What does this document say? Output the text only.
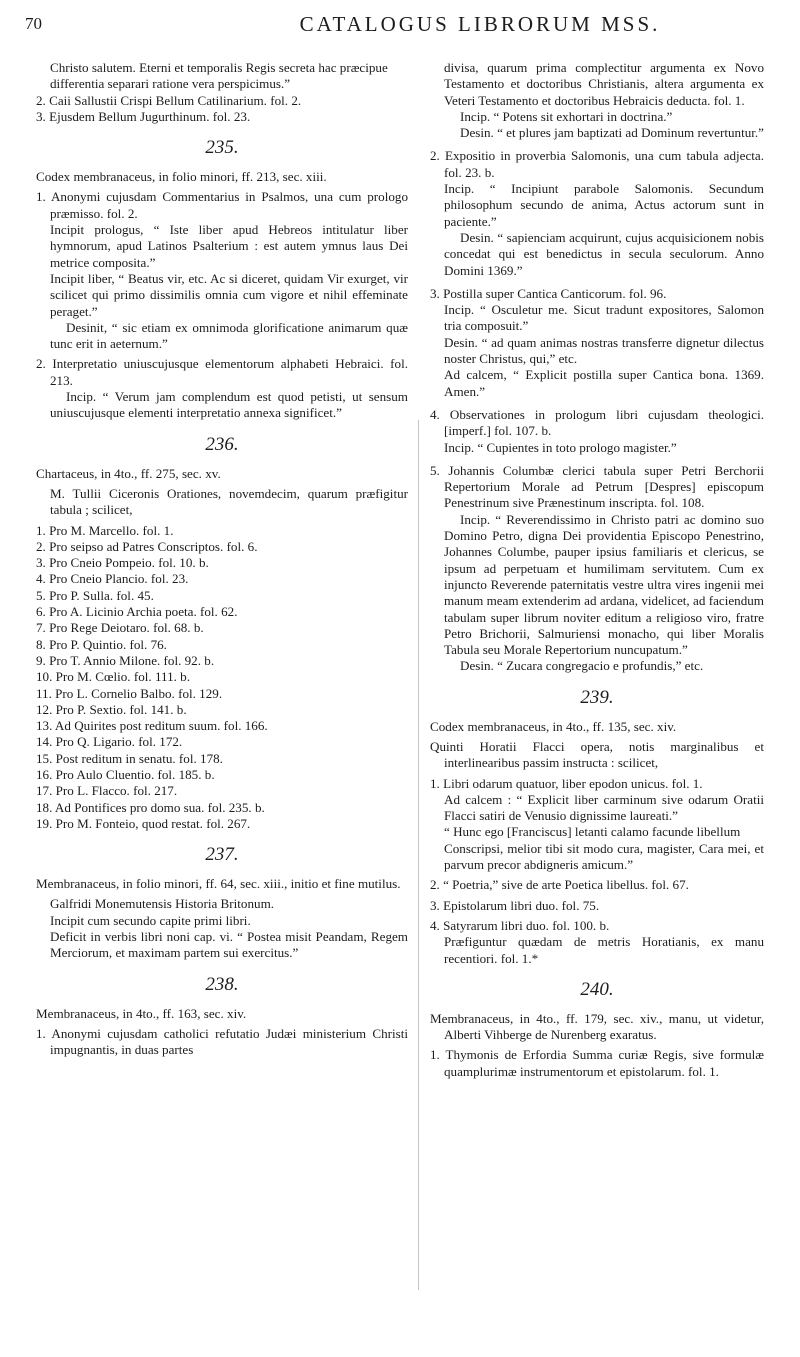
70	CATALOGUS LIBRORUM MSS.

Christo salutem. Eterni et temporalis Regis secreta hac præcipue differentia separari ratione vera perspicimus.”

2. Caii Sallustii Crispi Bellum Catilinarium. fol. 2.

3. Ejusdem Bellum Jugurthinum. fol. 23.

235.

Codex membranaceus, in folio minori, ff. 213, sec. xiii.

1. Anonymi cujusdam Commentarius in Psalmos, una cum prologo præmisso. fol. 2.

Incipit prologus, “ Iste liber apud Hebreos intitulatur liber hymnorum, apud Latinos Psalterium : est autem ymnus laus Dei metrice composita.”

Incipit liber, “ Beatus vir, etc. Ac si diceret, quidam Vir exurget, vir scilicet qui primo dissimilis omnia cum vigore et nihil effeminate peraget.”

Desinit, “ sic etiam ex omnimoda glorificatione animarum quæ tunc erit in aeternum.”

2. Interpretatio uniuscujusque elementorum alphabeti Hebraici. fol. 213.

Incip. “ Verum jam complendum est quod petisti, ut sensum uniuscujusque elementi interpretatio annexa significet.”

236.

Chartaceus, in 4to., ff. 275, sec. xv.

M. Tullii Ciceronis Orationes, novemdecim, quarum præfigitur tabula ; scilicet,

1. Pro M. Marcello. fol. 1.

2. Pro seipso ad Patres Conscriptos. fol. 6.

3. Pro Cneio Pompeio. fol. 10. b.

4. Pro Cneio Plancio. fol. 23.

5. Pro P. Sulla. fol. 45.

6. Pro A. Licinio Archia poeta. fol. 62.

7. Pro Rege Deiotaro. fol. 68. b.

8. Pro P. Quintio. fol. 76.

9. Pro T. Annio Milone. fol. 92. b.

10. Pro M. Cœlio. fol. 111. b.

11. Pro L. Cornelio Balbo. fol. 129.

12. Pro P. Sextio. fol. 141. b.

13. Ad Quirites post reditum suum. fol. 166.

14. Pro Q. Ligario. fol. 172.

15. Post reditum in senatu. fol. 178.

16. Pro Aulo Cluentio. fol. 185. b.

17. Pro L. Flacco. fol. 217.

18. Ad Pontifices pro domo sua. fol. 235. b.

19. Pro M. Fonteio, quod restat. fol. 267.

237.

Membranaceus, in folio minori, ff. 64, sec. xiii., initio et fine mutilus.

Galfridi Monemutensis Historia Britonum.

Incipit cum secundo capite primi libri.

Deficit in verbis libri noni cap. vi. “ Postea misit Peandam, Regem Merciorum, et maximam partem sui exercitus.”

238.

Membranaceus, in 4to., ff. 163, sec. xiv.

1. Anonymi cujusdam catholici refutatio Judæi ministerium Christi impugnantis, in duas partes

divisa, quarum prima complectitur argumenta ex Novo Testamento et doctoribus Christianis, altera argumenta ex Veteri Testamento et doctoribus Hebraicis deducta. fol. 1.

Incip. “ Potens sit exhortari in doctrina.”

Desin. “ et plures jam baptizati ad Dominum revertuntur.”

2. Expositio in proverbia Salomonis, una cum tabula adjecta. fol. 23. b.

Incip. “ Incipiunt parabole Salomonis. Secundum philosophum secundo de anima, Actus actorum sunt in paciente.”

Desin. “ sapienciam acquirunt, cujus acquisicionem nobis concedat qui est benedictus in secula seculorum. Anno Domini 1369.”

3. Postilla super Cantica Canticorum. fol. 96.

Incip. “ Osculetur me. Sicut tradunt expositores, Salomon tria composuit.”

Desin. “ ad quam animas nostras transferre dignetur dilectus noster Christus, qui,” etc.

Ad calcem, “ Explicit postilla super Cantica bona. 1369. Amen.”

4. Observationes in prologum libri cujusdam theologici. [imperf.] fol. 107. b.

Incip. “ Cupientes in toto prologo magister.”

5. Johannis Columbæ clerici tabula super Petri Berchorii Repertorium Morale ad Petrum [Despres] episcopum Penestrinum sive Prænestinum inscripta. fol. 108.

Incip. “ Reverendissimo in Christo patri ac domino suo Domino Petro, digna Dei providentia Episcopo Penestrino, Johannes Columbe, pauper ipsius familiaris et clericus, se ipsum ad perpetuam et humilimam servitutem. Cum ex injuncto Reverende paternitatis vestre ultra vires ingenii mei manum meam extenderim ad ardana, videlicet, ad faciendum tabulam super librum noviter editum a religioso viro, fratre Petro Brichorii, Salmuriensi monacho, qui liber Moralis Tabula seu Morale Repertorium nuncupatum.”

Desin. “ Zucara congregacio e profundis,” etc.

239.

Codex membranaceus, in 4to., ff. 135, sec. xiv.

Quinti Horatii Flacci opera, notis marginalibus et interlinearibus passim instructa : scilicet,

1. Libri odarum quatuor, liber epodon unicus. fol. 1.

Ad calcem : “ Explicit liber carminum sive odarum Oratii Flacci satiri de Venusio dignissime laureati.”

“ Hunc ego [Franciscus] letanti calamo facunde libellum

Conscripsi, melior tibi sit modo cura, magister, Cara mei, et parvum precor abdigneris amicum.”

2. “ Poetria,” sive de arte Poetica libellus. fol. 67.

3. Epistolarum libri duo. fol. 75.

4. Satyrarum libri duo. fol. 100. b.

Præfiguntur quædam de metris Horatianis, ex manu recentiori. fol. 1.*

240.

Membranaceus, in 4to., ff. 179, sec. xiv., manu, ut videtur, Alberti Vihberge de Nurenberg exaratus.

1. Thymonis de Erfordia Summa curiæ Regis, sive formulæ quamplurimæ instrumentorum et epistolarum. fol. 1.
